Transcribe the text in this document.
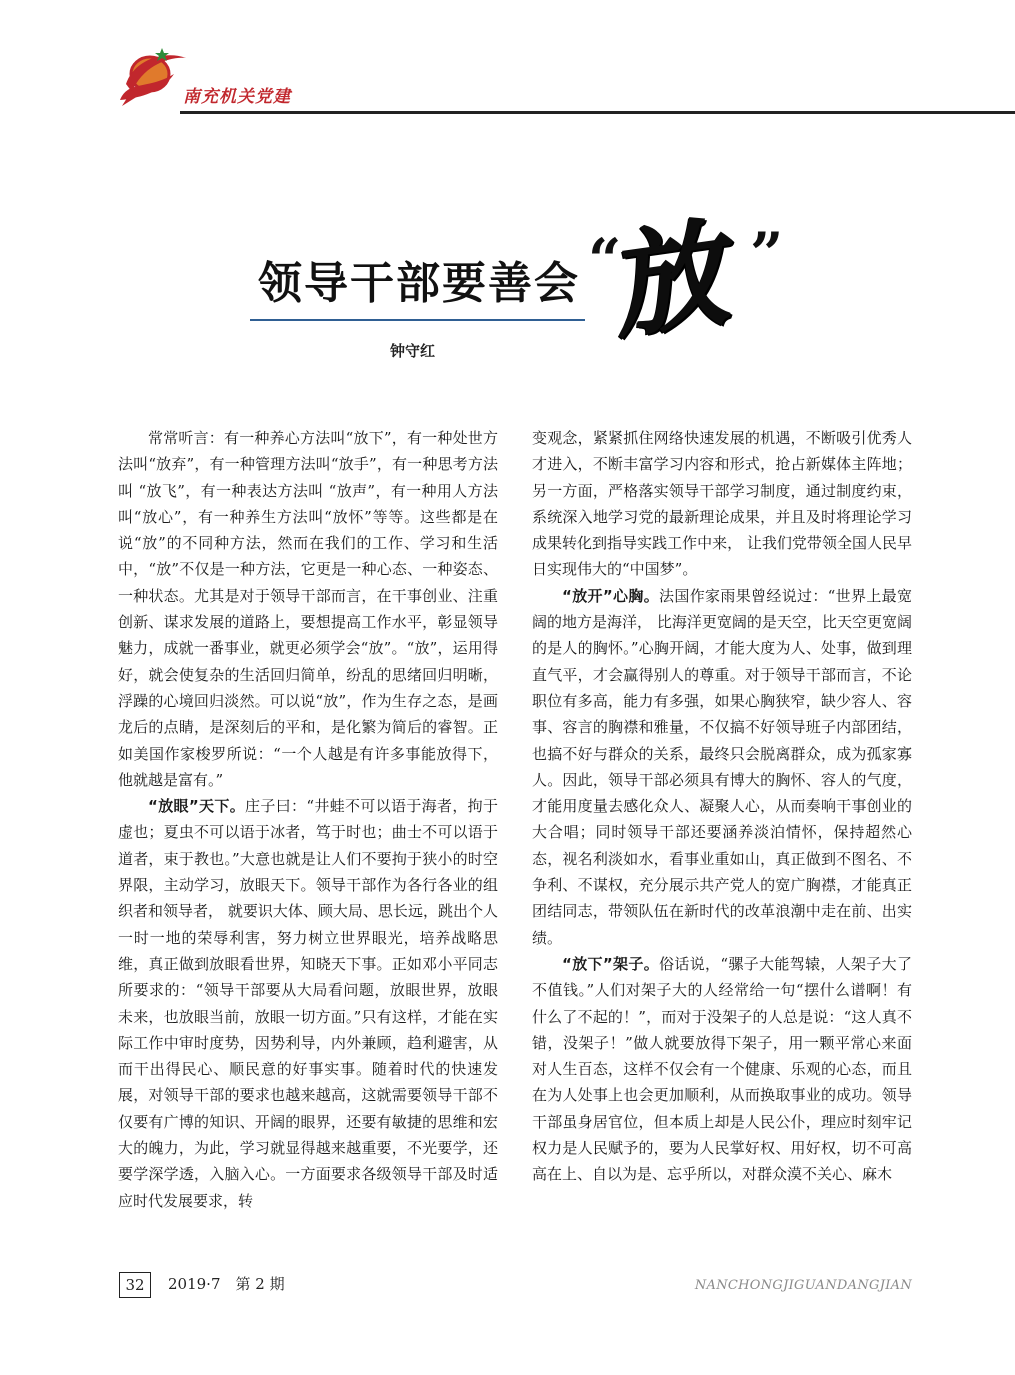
南充机关党建
领导干部要善会 “
放 ”
钟守红

常常听言：有一种养心方法叫“放下”，有一种处世方法叫“放弃”，有一种管理方法叫“放手”，有一种思考方法叫 “放飞”，有一种表达方法叫 “放声”，有一种用人方法叫“放心”，有一种养生方法叫“放怀”等等。这些都是在说“放”的不同种方法，然而在我们的工作、学习和生活中，“放”不仅是一种方法，它更是一种心态、一种姿态、一种状态。尤其是对于领导干部而言，在干事创业、注重创新、谋求发展的道路上，要想提高工作水平，彰显领导魅力，成就一番事业，就更必须学会“放”。“放”，运用得好，就会使复杂的生活回归简单，纷乱的思绪回归明晰，浮躁的心境回归淡然。可以说“放”，作为生存之态，是画龙后的点睛，是深刻后的平和，是化繁为简后的睿智。正如美国作家梭罗所说：“一个人越是有许多事能放得下，他就越是富有。”

“放眼”天下。庄子曰：“井蛙不可以语于海者，拘于虚也；夏虫不可以语于冰者，笃于时也；曲士不可以语于道者，束于教也。”大意也就是让人们不要拘于狭小的时空界限，主动学习，放眼天下。领导干部作为各行各业的组织者和领导者， 就要识大体、顾大局、思长远，跳出个人一时一地的荣辱利害，努力树立世界眼光，培养战略思维，真正做到放眼看世界，知晓天下事。正如邓小平同志所要求的：“领导干部要从大局看问题，放眼世界，放眼未来，也放眼当前，放眼一切方面。”只有这样，才能在实际工作中审时度势，因势利导，内外兼顾，趋利避害，从而干出得民心、顺民意的好事实事。随着时代的快速发展，对领导干部的要求也越来越高，这就需要领导干部不仅要有广博的知识、开阔的眼界，还要有敏捷的思维和宏大的魄力，为此，学习就显得越来越重要，不光要学，还要学深学透，入脑入心。一方面要求各级领导干部及时适应时代发展要求，转

变观念，紧紧抓住网络快速发展的机遇，不断吸引优秀人才进入，不断丰富学习内容和形式，抢占新媒体主阵地；另一方面，严格落实领导干部学习制度，通过制度约束，系统深入地学习党的最新理论成果，并且及时将理论学习成果转化到指导实践工作中来， 让我们党带领全国人民早日实现伟大的“中国梦”。

“放开”心胸。法国作家雨果曾经说过：“世界上最宽阔的地方是海洋， 比海洋更宽阔的是天空，比天空更宽阔的是人的胸怀。”心胸开阔，才能大度为人、处事，做到理直气平，才会赢得别人的尊重。对于领导干部而言，不论职位有多高，能力有多强，如果心胸狭窄，缺少容人、容事、容言的胸襟和雅量，不仅搞不好领导班子内部团结，也搞不好与群众的关系，最终只会脱离群众，成为孤家寡人。因此，领导干部必须具有博大的胸怀、容人的气度，才能用度量去感化众人、凝聚人心，从而奏响干事创业的大合唱；同时领导干部还要涵养淡泊情怀，保持超然心态，视名利淡如水，看事业重如山，真正做到不图名、不争利、不谋权，充分展示共产党人的宽广胸襟，才能真正团结同志，带领队伍在新时代的改革浪潮中走在前、出实绩。

“放下”架子。俗话说，“骡子大能驾辕，人架子大了不值钱。”人们对架子大的人经常给一句“摆什么谱啊！有什么了不起的！”，而对于没架子的人总是说：“这人真不错，没架子！”做人就要放得下架子，用一颗平常心来面对人生百态，这样不仅会有一个健康、乐观的心态，而且在为人处事上也会更加顺利，从而换取事业的成功。领导干部虽身居官位，但本质上却是人民公仆，理应时刻牢记权力是人民赋予的，要为人民掌好权、用好权，切不可高高在上、自以为是、忘乎所以，对群众漠不关心、麻木

32	2019·7　第 2 期	NANCHONGJIGUANDANGJIAN
